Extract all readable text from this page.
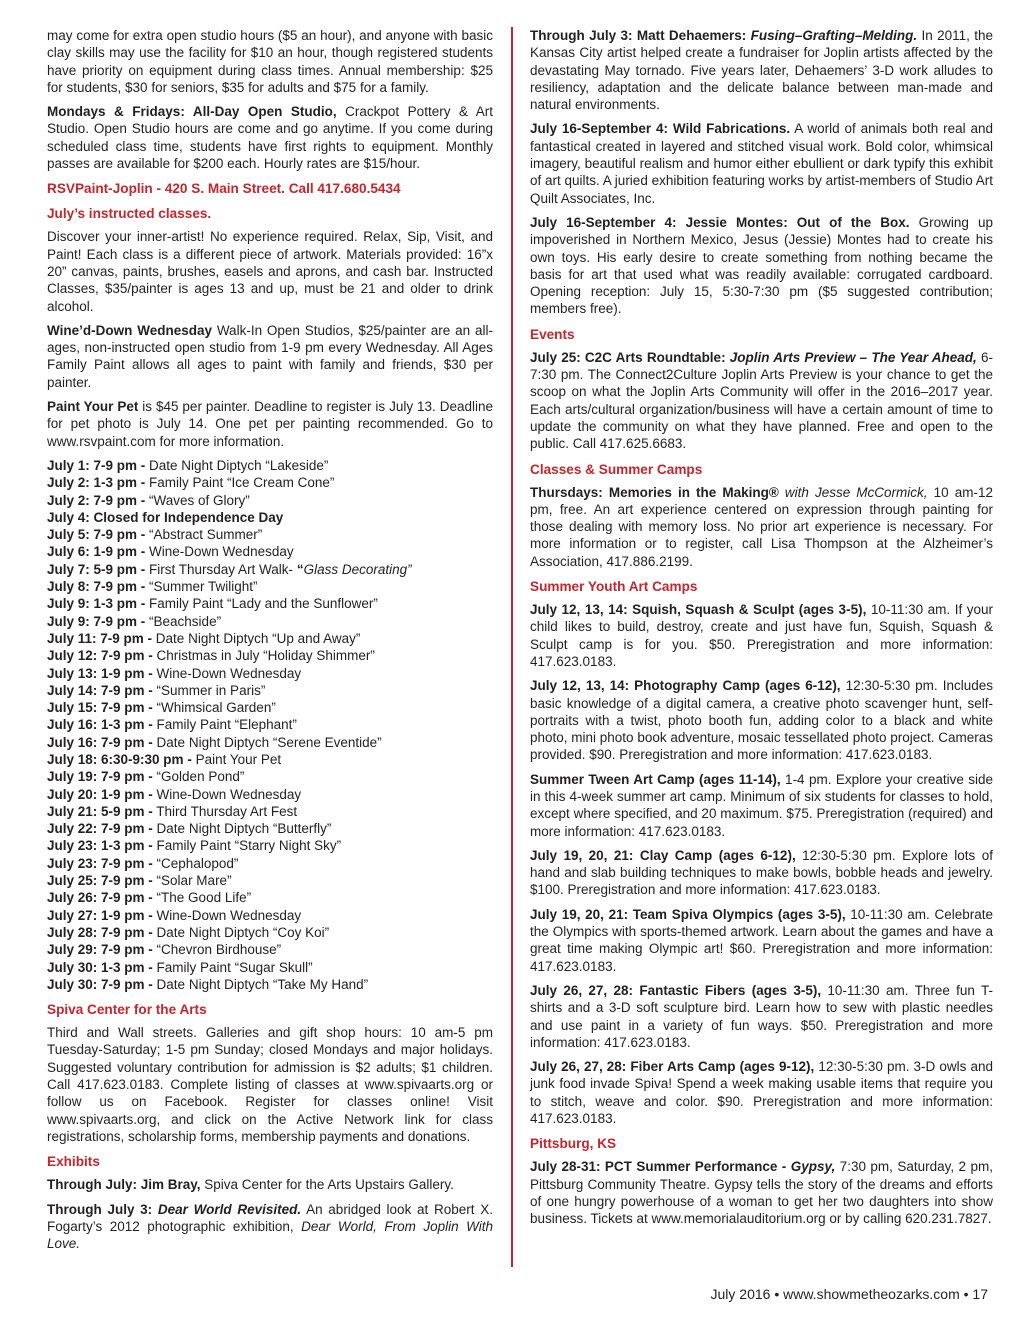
may come for extra open studio hours ($5 an hour), and anyone with basic clay skills may use the facility for $10 an hour, though registered students have priority on equipment during class times. Annual membership: $25 for students, $30 for seniors, $35 for adults and $75 for a family.

Mondays & Fridays: All-Day Open Studio, Crackpot Pottery & Art Studio. Open Studio hours are come and go anytime. If you come during scheduled class time, students have first rights to equipment. Monthly passes are available for $200 each. Hourly rates are $15/hour.

RSVPaint-Joplin - 420 S. Main Street. Call 417.680.5434
July’s instructed classes.

Discover your inner-artist! No experience required. Relax, Sip, Visit, and Paint! Each class is a different piece of artwork. Materials provided: 16”x 20” canvas, paints, brushes, easels and aprons, and cash bar. Instructed Classes, $35/painter is ages 13 and up, must be 21 and older to drink alcohol.

Wine’d-Down Wednesday Walk-In Open Studios, $25/painter are an all-ages, non-instructed open studio from 1-9 pm every Wednesday. All Ages Family Paint allows all ages to paint with family and friends, $30 per painter.

Paint Your Pet is $45 per painter. Deadline to register is July 13. Deadline for pet photo is July 14. One pet per painting recommended. Go to www.rsvpaint.com for more information.

July 1: 7-9 pm - Date Night Diptych “Lakeside”
July 2: 1-3 pm - Family Paint “Ice Cream Cone”
July 2: 7-9 pm - “Waves of Glory”
July 4: Closed for Independence Day
July 5: 7-9 pm - “Abstract Summer”
July 6: 1-9 pm - Wine-Down Wednesday
July 7: 5-9 pm - First Thursday Art Walk- “Glass Decorating”
July 8: 7-9 pm - “Summer Twilight”
July 9: 1-3 pm - Family Paint “Lady and the Sunflower”
July 9: 7-9 pm - “Beachside”
July 11: 7-9 pm - Date Night Diptych “Up and Away”
July 12: 7-9 pm - Christmas in July “Holiday Shimmer”
July 13: 1-9 pm - Wine-Down Wednesday
July 14: 7-9 pm - “Summer in Paris”
July 15: 7-9 pm - “Whimsical Garden”
July 16: 1-3 pm - Family Paint “Elephant”
July 16: 7-9 pm - Date Night Diptych “Serene Eventide”
July 18: 6:30-9:30 pm - Paint Your Pet
July 19: 7-9 pm - “Golden Pond”
July 20: 1-9 pm - Wine-Down Wednesday
July 21: 5-9 pm - Third Thursday Art Fest
July 22: 7-9 pm - Date Night Diptych “Butterfly”
July 23: 1-3 pm - Family Paint “Starry Night Sky”
July 23: 7-9 pm - “Cephalopod”
July 25: 7-9 pm - “Solar Mare”
July 26: 7-9 pm - “The Good Life”
July 27: 1-9 pm - Wine-Down Wednesday
July 28: 7-9 pm - Date Night Diptych “Coy Koi”
July 29: 7-9 pm - “Chevron Birdhouse”
July 30: 1-3 pm - Family Paint “Sugar Skull”
July 30: 7-9 pm - Date Night Diptych “Take My Hand”
Spiva Center for the Arts

Third and Wall streets. Galleries and gift shop hours: 10 am-5 pm Tuesday-Saturday; 1-5 pm Sunday; closed Mondays and major holidays. Suggested voluntary contribution for admission is $2 adults; $1 children. Call 417.623.0183. Complete listing of classes at www.spivaarts.org or follow us on Facebook. Register for classes online! Visit www.spivaarts.org, and click on the Active Network link for class registrations, scholarship forms, membership payments and donations.

Exhibits

Through July: Jim Bray, Spiva Center for the Arts Upstairs Gallery.

Through July 3: Dear World Revisited. An abridged look at Robert X. Fogarty’s 2012 photographic exhibition, Dear World, From Joplin With Love.

Through July 3: Matt Dehaemers: Fusing–Grafting–Melding. In 2011, the Kansas City artist helped create a fundraiser for Joplin artists affected by the devastating May tornado. Five years later, Dehaemers’ 3-D work alludes to resiliency, adaptation and the delicate balance between man-made and natural environments.

July 16-September 4: Wild Fabrications. A world of animals both real and fantastical created in layered and stitched visual work. Bold color, whimsical imagery, beautiful realism and humor either ebullient or dark typify this exhibit of art quilts. A juried exhibition featuring works by artist-members of Studio Art Quilt Associates, Inc.

July 16-September 4: Jessie Montes: Out of the Box. Growing up impoverished in Northern Mexico, Jesus (Jessie) Montes had to create his own toys. His early desire to create something from nothing became the basis for art that used what was readily available: corrugated cardboard. Opening reception: July 15, 5:30-7:30 pm ($5 suggested contribution; members free).

Events

July 25: C2C Arts Roundtable: Joplin Arts Preview – The Year Ahead, 6-7:30 pm. The Connect2Culture Joplin Arts Preview is your chance to get the scoop on what the Joplin Arts Community will offer in the 2016–2017 year. Each arts/cultural organization/business will have a certain amount of time to update the community on what they have planned. Free and open to the public. Call 417.625.6683.

Classes & Summer Camps

Thursdays: Memories in the Making® with Jesse McCormick, 10 am-12 pm, free. An art experience centered on expression through painting for those dealing with memory loss. No prior art experience is necessary. For more information or to register, call Lisa Thompson at the Alzheimer’s Association, 417.886.2199.

Summer Youth Art Camps

July 12, 13, 14: Squish, Squash & Sculpt (ages 3-5), 10-11:30 am. If your child likes to build, destroy, create and just have fun, Squish, Squash & Sculpt camp is for you. $50. Preregistration and more information: 417.623.0183.

July 12, 13, 14: Photography Camp (ages 6-12), 12:30-5:30 pm. Includes basic knowledge of a digital camera, a creative photo scavenger hunt, self-portraits with a twist, photo booth fun, adding color to a black and white photo, mini photo book adventure, mosaic tessellated photo project. Cameras provided. $90. Preregistration and more information: 417.623.0183.

Summer Tween Art Camp (ages 11-14), 1-4 pm. Explore your creative side in this 4-week summer art camp. Minimum of six students for classes to hold, except where specified, and 20 maximum. $75. Preregistration (required) and more information: 417.623.0183.

July 19, 20, 21: Clay Camp (ages 6-12), 12:30-5:30 pm. Explore lots of hand and slab building techniques to make bowls, bobble heads and jewelry. $100. Preregistration and more information: 417.623.0183.

July 19, 20, 21: Team Spiva Olympics (ages 3-5), 10-11:30 am. Celebrate the Olympics with sports-themed artwork. Learn about the games and have a great time making Olympic art! $60. Preregistration and more information: 417.623.0183.

July 26, 27, 28: Fantastic Fibers (ages 3-5), 10-11:30 am. Three fun T-shirts and a 3-D soft sculpture bird. Learn how to sew with plastic needles and use paint in a variety of fun ways. $50. Preregistration and more information: 417.623.0183.

July 26, 27, 28: Fiber Arts Camp (ages 9-12), 12:30-5:30 pm. 3-D owls and junk food invade Spiva! Spend a week making usable items that require you to stitch, weave and color. $90. Preregistration and more information: 417.623.0183.

Pittsburg, KS

July 28-31: PCT Summer Performance - Gypsy, 7:30 pm, Saturday, 2 pm, Pittsburg Community Theatre. Gypsy tells the story of the dreams and efforts of one hungry powerhouse of a woman to get her two daughters into show business. Tickets at www.memorialauditorium.org or by calling 620.231.7827.

July 2016 • www.showmetheozarks.com • 17
